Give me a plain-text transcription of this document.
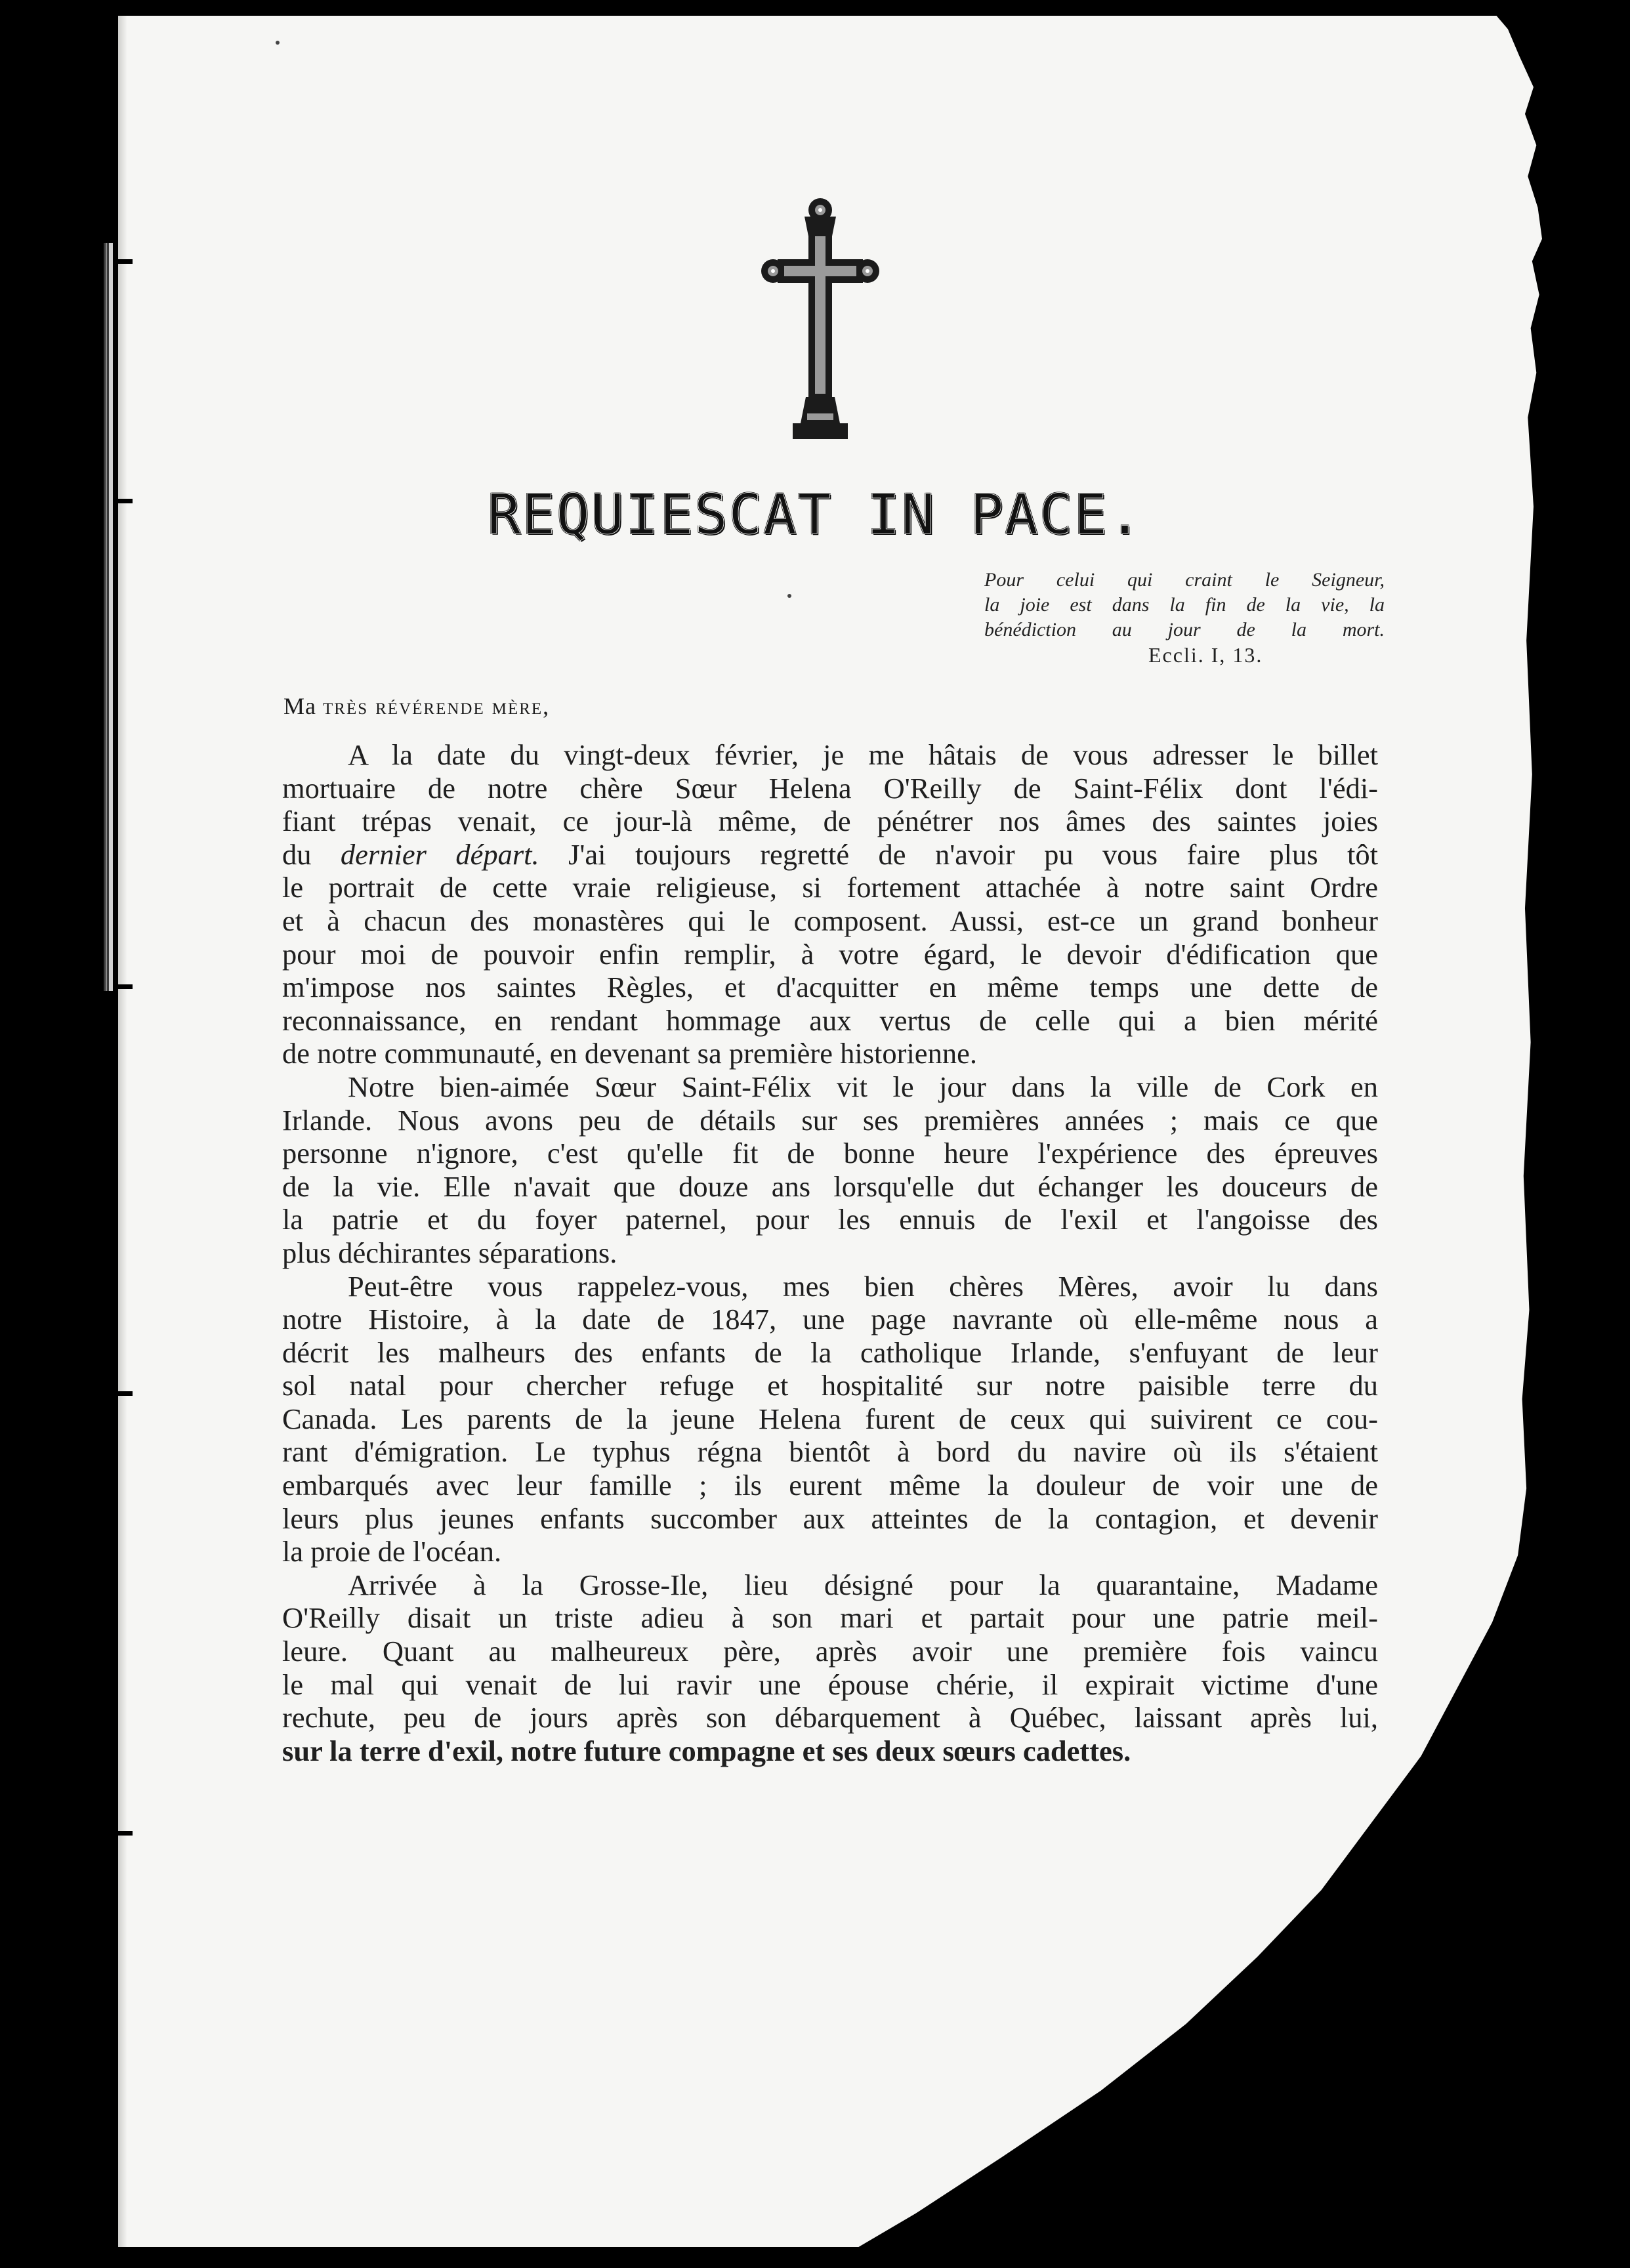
REQUIESCAT IN PACE.
Pour celui qui craint le Seigneur,
la joie est dans la fin de la vie, la
bénédiction au jour de la mort.
Eccli. I, 13.
Ma très révérende mère,
A la date du vingt-deux février, je me hâtais de vous adresser le billet
mortuaire de notre chère Sœur Helena O'Reilly de Saint-Félix dont l'édi-
fiant trépas venait, ce jour-là même, de pénétrer nos âmes des saintes joies
du dernier départ. J'ai toujours regretté de n'avoir pu vous faire plus tôt
le portrait de cette vraie religieuse, si fortement attachée à notre saint Ordre
et à chacun des monastères qui le composent. Aussi, est-ce un grand bonheur
pour moi de pouvoir enfin remplir, à votre égard, le devoir d'édification que
m'impose nos saintes Règles, et d'acquitter en même temps une dette de
reconnaissance, en rendant hommage aux vertus de celle qui a bien mérité
de notre communauté, en devenant sa première historienne.
Notre bien-aimée Sœur Saint-Félix vit le jour dans la ville de Cork en
Irlande. Nous avons peu de détails sur ses premières années ; mais ce que
personne n'ignore, c'est qu'elle fit de bonne heure l'expérience des épreuves
de la vie. Elle n'avait que douze ans lorsqu'elle dut échanger les douceurs de
la patrie et du foyer paternel, pour les ennuis de l'exil et l'angoisse des
plus déchirantes séparations.
Peut-être vous rappelez-vous, mes bien chères Mères, avoir lu dans
notre Histoire, à la date de 1847, une page navrante où elle-même nous a
décrit les malheurs des enfants de la catholique Irlande, s'enfuyant de leur
sol natal pour chercher refuge et hospitalité sur notre paisible terre du
Canada. Les parents de la jeune Helena furent de ceux qui suivirent ce cou-
rant d'émigration. Le typhus régna bientôt à bord du navire où ils s'étaient
embarqués avec leur famille ; ils eurent même la douleur de voir une de
leurs plus jeunes enfants succomber aux atteintes de la contagion, et devenir
la proie de l'océan.
Arrivée à la Grosse-Ile, lieu désigné pour la quarantaine, Madame
O'Reilly disait un triste adieu à son mari et partait pour une patrie meil-
leure. Quant au malheureux père, après avoir une première fois vaincu
le mal qui venait de lui ravir une épouse chérie, il expirait victime d'une
rechute, peu de jours après son débarquement à Québec, laissant après lui,
sur la terre d'exil, notre future compagne et ses deux sœurs cadettes.
